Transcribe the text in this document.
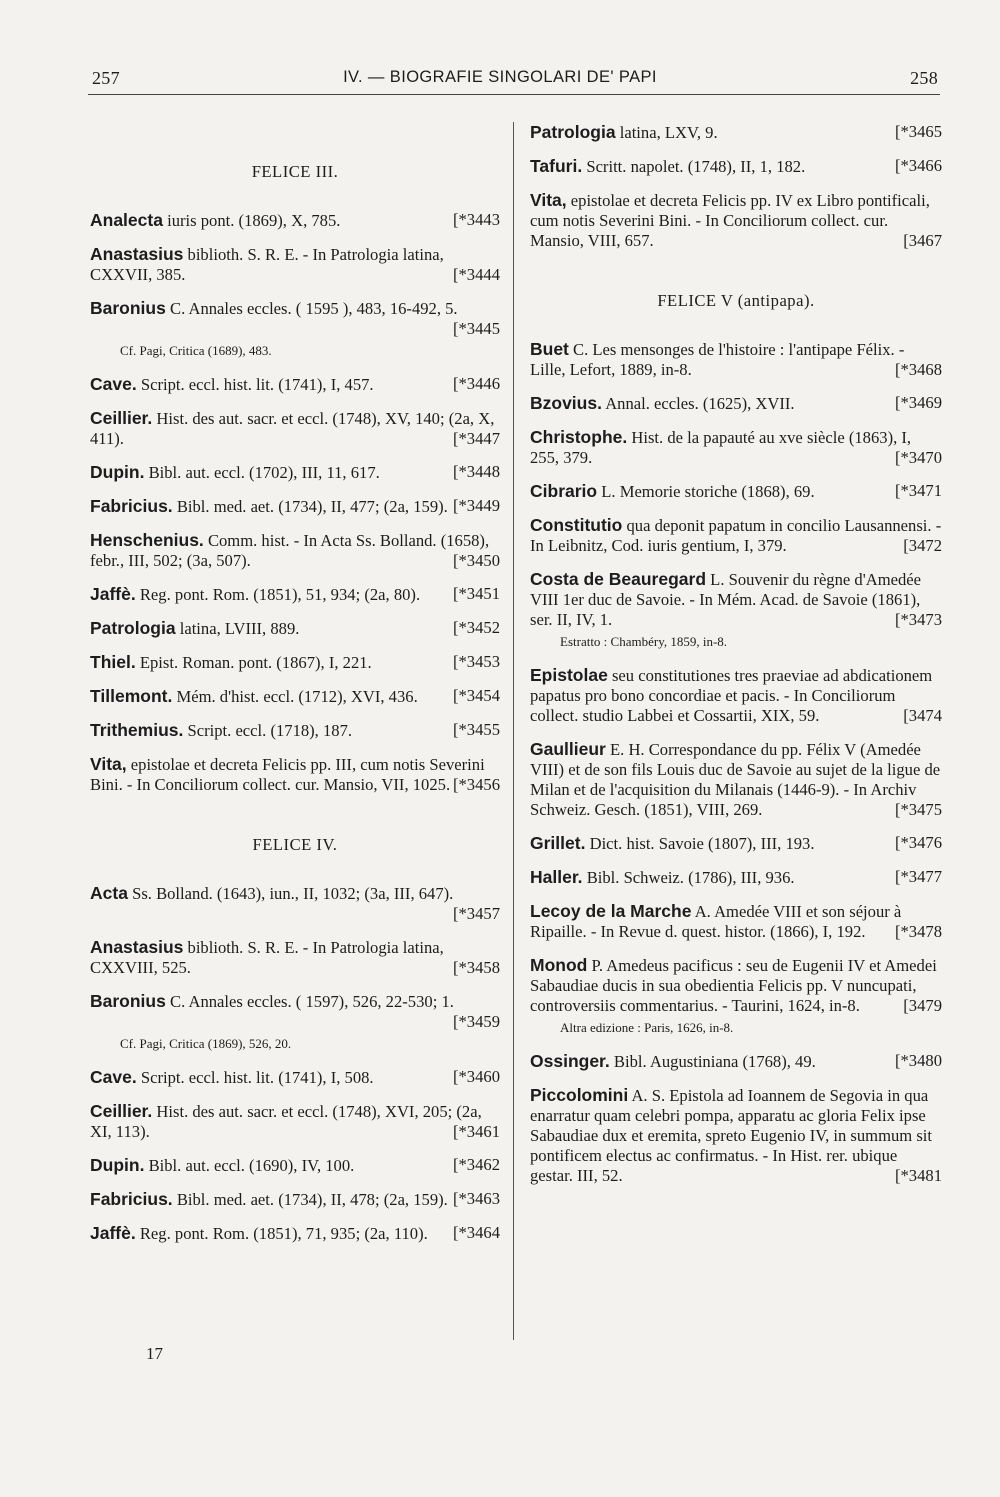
257	IV. — BIOGRAFIE SINGOLARI DE' PAPI	258
FELICE III.
Analecta iuris pont. (1869), X, 785.	[*3443
Anastasius biblioth. S. R. E. - In Patrologia latina, CXXVII, 385.	[*3444
Baronius C. Annales eccles. ( 1595 ), 483, 16-492, 5.
[*3445
Cf. Pagi, Critica (1689), 483.
Cave. Script. eccl. hist. lit. (1741), I, 457.	[*3446
Ceillier. Hist. des aut. sacr. et eccl. (1748), XV, 140; (2a, X, 411).	[*3447
Dupin. Bibl. aut. eccl. (1702), III, 11, 617.	[*3448
Fabricius. Bibl. med. aet. (1734), II, 477; (2a, 159). [*3449
Henschenius. Comm. hist. - In Acta Ss. Bolland. (1658), febr., III, 502; (3a, 507).	[*3450
Jaffè. Reg. pont. Rom. (1851), 51, 934; (2a, 80). [*3451
Patrologia latina, LVIII, 889.	[*3452
Thiel. Epist. Roman. pont. (1867), I, 221.	[*3453
Tillemont. Mém. d'hist. eccl. (1712), XVI, 436. [*3454
Trithemius. Script. eccl. (1718), 187.	[*3455
Vita, epistolae et decreta Felicis pp. III, cum notis Severini Bini. - In Conciliorum collect. cur. Mansio, VII, 1025. [*3456
FELICE IV.
Acta Ss. Bolland. (1643), iun., II, 1032; (3a, III, 647).
[*3457
Anastasius biblioth. S. R. E. - In Patrologia latina, CXXVIII, 525.	[*3458
Baronius C. Annales eccles. ( 1597), 526, 22-530; 1.
[*3459
Cf. Pagi, Critica (1869), 526, 20.
Cave. Script. eccl. hist. lit. (1741), I, 508.	[*3460
Ceillier. Hist. des aut. sacr. et eccl. (1748), XVI, 205; (2a, XI, 113).	[*3461
Dupin. Bibl. aut. eccl. (1690), IV, 100.	[*3462
Fabricius. Bibl. med. aet. (1734), II, 478; (2a, 159). [*3463
Jaffè. Reg. pont. Rom. (1851), 71, 935; (2a, 110). [*3464
Patrologia latina, LXV, 9.	[*3465
Tafuri. Scritt. napolet. (1748), II, 1, 182.	[*3466
Vita, epistolae et decreta Felicis pp. IV ex Libro pontificali, cum notis Severini Bini. - In Conciliorum collect. cur. Mansio, VIII, 657.	[3467
FELICE V (antipapa).
Buet C. Les mensonges de l'histoire : l'antipape Félix. - Lille, Lefort, 1889, in-8.	[*3468
Bzovius. Annal. eccles. (1625), XVII.	[*3469
Christophe. Hist. de la papauté au xve siècle (1863), I, 255, 379.	[*3470
Cibrario L. Memorie storiche (1868), 69.	[*3471
Constitutio qua deponit papatum in concilio Lausannensi. - In Leibnitz, Cod. iuris gentium, I, 379.	[3472
Costa de Beauregard L. Souvenir du règne d'Amedée VIII 1er duc de Savoie. - In Mém. Acad. de Savoie (1861), ser. II, IV, 1.	[*3473
Estratto : Chambéry, 1859, in-8.
Epistolae seu constitutiones tres praeviae ad abdicationem papatus pro bono concordiae et pacis. - In Conciliorum collect. studio Labbei et Cossartii, XIX, 59.	[3474
Gaullieur E. H. Correspondance du pp. Félix V (Amedée VIII) et de son fils Louis duc de Savoie au sujet de la ligue de Milan et de l'acquisition du Milanais (1446-9). - In Archiv Schweiz. Gesch. (1851), VIII, 269.	[*3475
Grillet. Dict. hist. Savoie (1807), III, 193.	[*3476
Haller. Bibl. Schweiz. (1786), III, 936.	[*3477
Lecoy de la Marche A. Amedée VIII et son séjour à Ripaille. - In Revue d. quest. histor. (1866), I, 192. [*3478
Monod P. Amedeus pacificus : seu de Eugenii IV et Amedei Sabaudiae ducis in sua obedientia Felicis pp. V nuncupati, controversiis commentarius. - Taurini, 1624, in-8.	[3479
Altra edizione : Paris, 1626, in-8.
Ossinger. Bibl. Augustiniana (1768), 49.	[*3480
Piccolomini A. S. Epistola ad Ioannem de Segovia in qua enarratur quam celebri pompa, apparatu ac gloria Felix ipse Sabaudiae dux et eremita, spreto Eugenio IV, in summum sit pontificem electus ac confirmatus. - In Hist. rer. ubique gestar. III, 52.	[*3481
17
